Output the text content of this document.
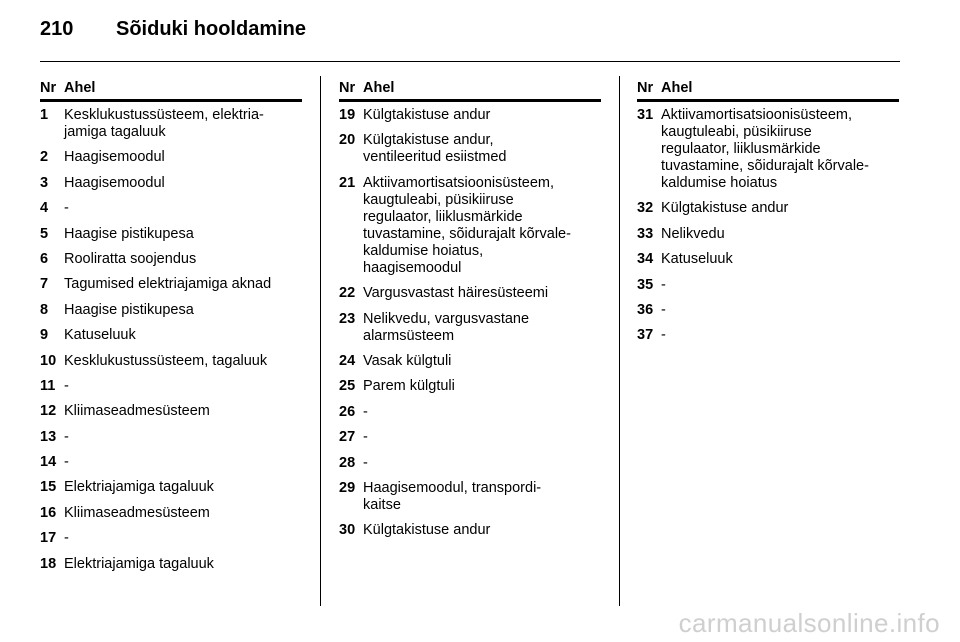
210	Sõiduki hooldamine
Nr Ahel
1	Kesklukustussüsteem, elektria-
jamiga tagaluuk
2	Haagisemoodul
3	Haagisemoodul
4	-
5	Haagise pistikupesa
6	Rooliratta soojendus
7	Tagumised elektriajamiga aknad
8	Haagise pistikupesa
9	Katuseluuk
10 Kesklukustussüsteem, tagaluuk
11 -
12 Kliimaseadmesüsteem
13 -
14 -
15 Elektriajamiga tagaluuk
16 Kliimaseadmesüsteem
17 -
18 Elektriajamiga tagaluuk
Nr Ahel
19 Külgtakistuse andur
20 Külgtakistuse andur,
ventileeritud esiistmed
21 Aktiivamortisatsioonisüsteem,
kaugtuleabi, püsikiiruse
regulaator, liiklusmärkide
tuvastamine, sõidurajalt kõrvale-
kaldumise hoiatus,
haagisemoodul
22 Vargusvastast häiresüsteemi
23 Nelikvedu, vargusvastane
alarmsüsteem
24 Vasak külgtuli
25 Parem külgtuli
26 -
27 -
28 -
29 Haagisemoodul, transpordi-
kaitse
30 Külgtakistuse andur
Nr Ahel
31 Aktiivamortisatsioonisüsteem,
kaugtuleabi, püsikiiruse
regulaator, liiklusmärkide
tuvastamine, sõidurajalt kõrvale-
kaldumise hoiatus
32 Külgtakistuse andur
33 Nelikvedu
34 Katuseluuk
35 -
36 -
37 -
carmanualsonline.info
